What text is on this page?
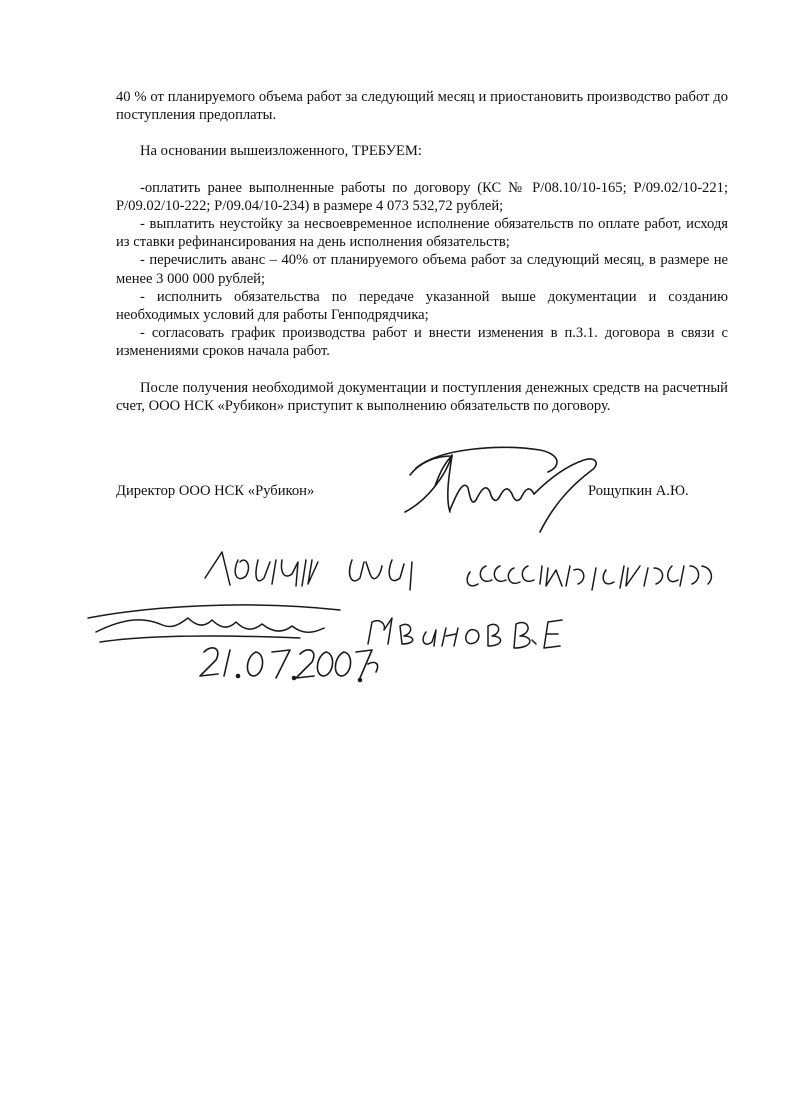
40 % от планируемого объема работ за следующий месяц и приостановить производство работ до поступления предоплаты.

На основании вышеизложенного, ТРЕБУЕМ:

-оплатить ранее выполненные работы по договору (КС № Р/08.10/10-165; Р/09.02/10-221; Р/09.02/10-222; Р/09.04/10-234) в размере 4 073 532,72 рублей;

- выплатить неустойку за несвоевременное исполнение обязательств по оплате работ, исходя из ставки рефинансирования на день исполнения обязательств;

- перечислить аванс – 40% от планируемого объема работ за следующий месяц, в размере не менее 3 000 000 рублей;

- исполнить обязательства по передаче указанной выше документации и созданию необходимых условий для работы Генподрядчика;

- согласовать график производства работ и внести изменения в п.3.1. договора в связи с изменениями сроков начала работ.

После получения необходимой документации и поступления денежных средств на расчетный счет, ООО НСК «Рубикон» приступит к выполнению обязательств по договору.

Директор ООО НСК «Рубикон»	Рощупкин А.Ю.
